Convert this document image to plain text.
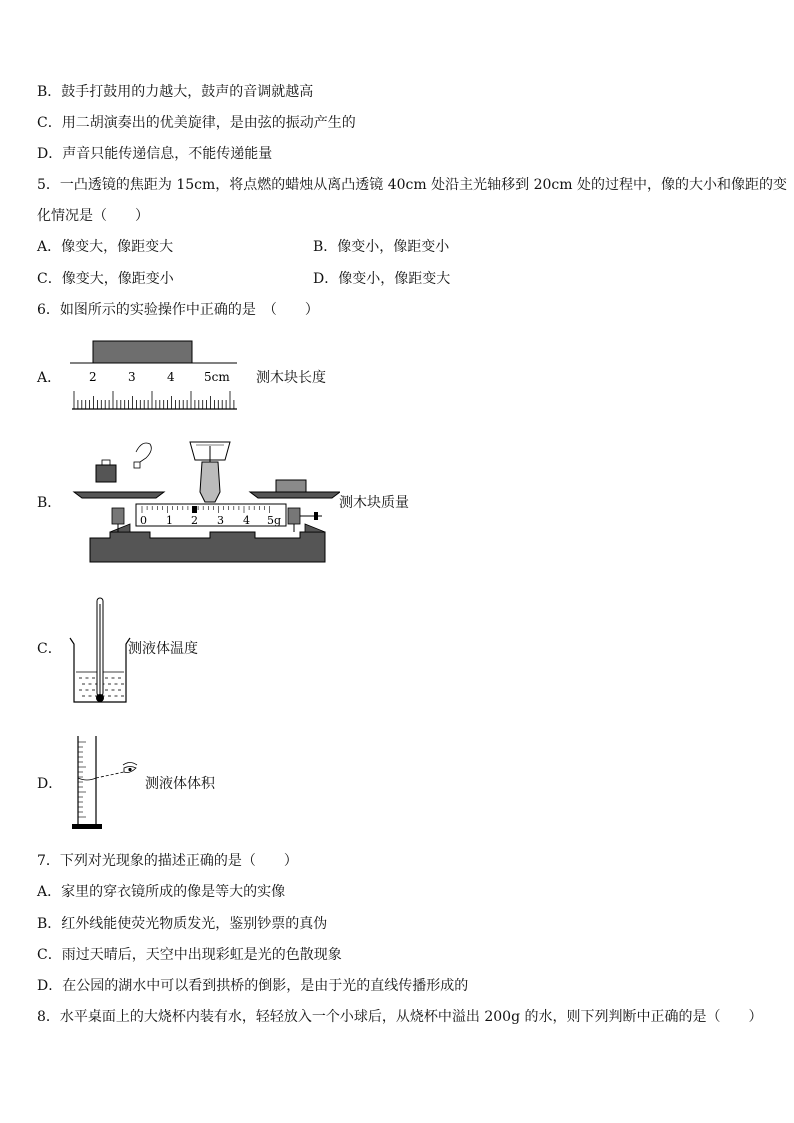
B．鼓手打鼓用的力越大，鼓声的音调就越高
C．用二胡演奏出的优美旋律，是由弦的振动产生的
D．声音只能传递信息，不能传递能量
5．一凸透镜的焦距为 15cm，将点燃的蜡烛从离凸透镜 40cm 处沿主光轴移到 20cm 处的过程中，像的大小和像距的变
化情况是（　　）
A．像变大，像距变大	B．像变小，像距变小
C．像变大，像距变小	D．像变小，像距变大
6．如图所示的实验操作中正确的是　（　　）
A． 2	3	4 5cm 测木块长度
B．
0 1 2 3 4 5g
测木块质量
C．	测液体温度
D．	测液体体积
7．下列对光现象的描述正确的是（　　）
A．家里的穿衣镜所成的像是等大的实像
B．红外线能使荧光物质发光，鉴别钞票的真伪
C．雨过天晴后，天空中出现彩虹是光的色散现象
D．在公园的湖水中可以看到拱桥的倒影，是由于光的直线传播形成的
8．水平桌面上的大烧杯内装有水，轻轻放入一个小球后，从烧杯中溢出 200g 的水，则下列判断中正确的是（　　）
